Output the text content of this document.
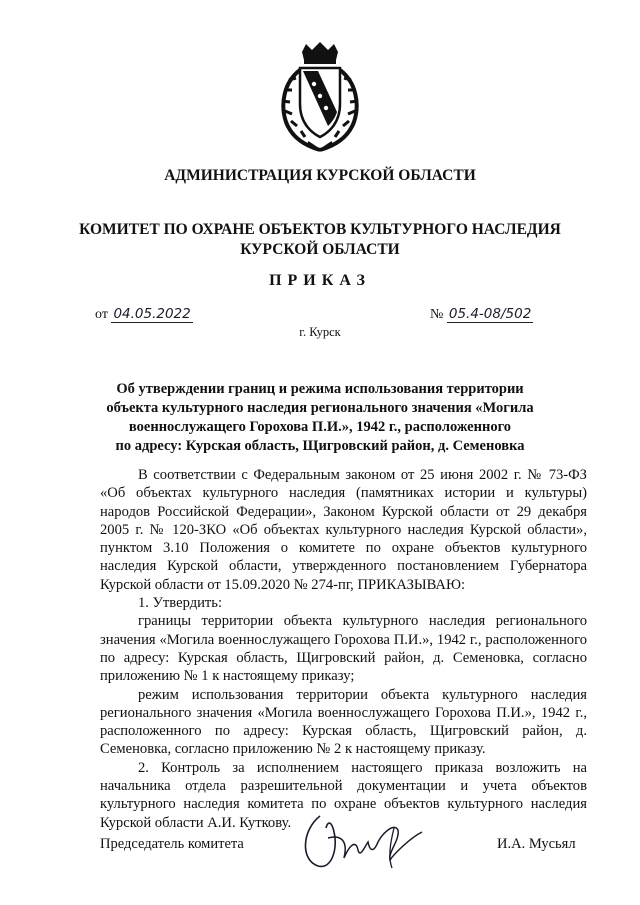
АДМИНИСТРАЦИЯ КУРСКОЙ ОБЛАСТИ
КОМИТЕТ ПО ОХРАНЕ ОБЪЕКТОВ КУЛЬТУРНОГО НАСЛЕДИЯ
КУРСКОЙ ОБЛАСТИ
ПРИКАЗ
от 04.05.2022	№ 05.4-08/502
г. Курск
Об утверждении границ и режима использования территории
объекта культурного наследия регионального значения «Могила
военнослужащего Горохова П.И.», 1942 г., расположенного
по адресу: Курская область, Щигровский район, д. Семеновка

В соответствии с Федеральным законом от 25 июня 2002 г. № 73-ФЗ «Об объектах культурного наследия (памятниках истории и культуры) народов Российской Федерации», Законом Курской области от 29 декабря 2005 г. № 120-ЗКО «Об объектах культурного наследия Курской области», пунктом 3.10 Положения о комитете по охране объектов культурного наследия Курской области, утвержденного постановлением Губернатора Курской области от 15.09.2020 № 274-пг, ПРИКАЗЫВАЮ:

1. Утвердить:

границы территории объекта культурного наследия регионального значения «Могила военнослужащего Горохова П.И.», 1942 г., расположенного по адресу: Курская область, Щигровский район, д. Семеновка, согласно приложению № 1 к настоящему приказу;

режим использования территории объекта культурного наследия регионального значения «Могила военнослужащего Горохова П.И.», 1942 г., расположенного по адресу: Курская область, Щигровский район, д. Семеновка, согласно приложению № 2 к настоящему приказу.

2. Контроль за исполнением настоящего приказа возложить на начальника отдела разрешительной документации и учета объектов культурного наследия комитета по охране объектов культурного наследия Курской области А.И. Куткову.

Председатель комитета	И.А. Мусьял
